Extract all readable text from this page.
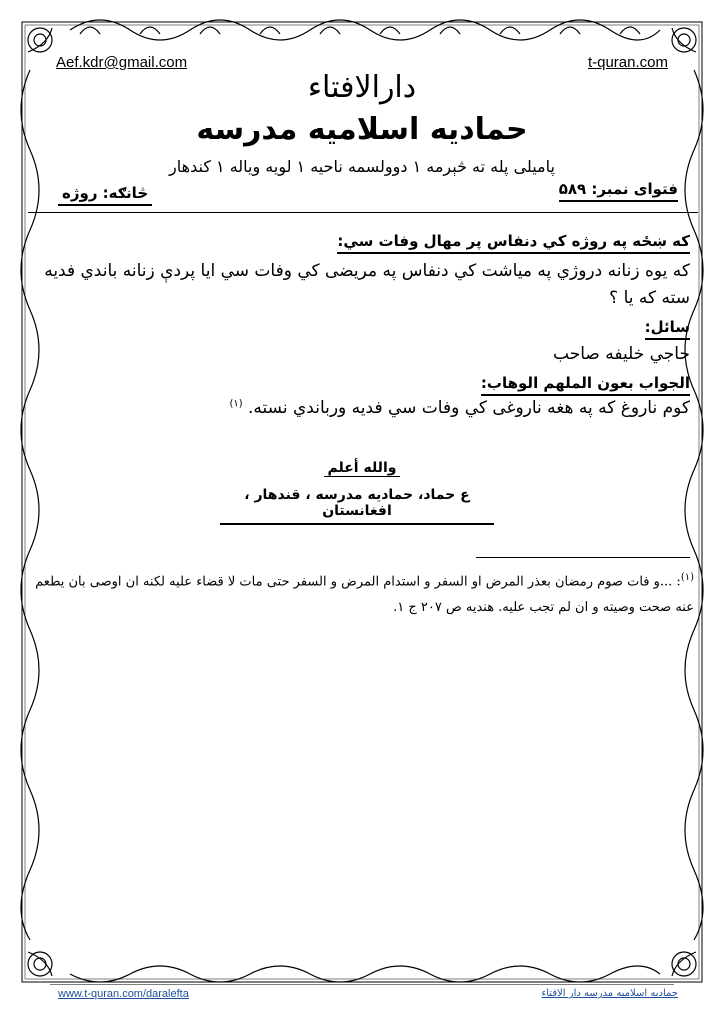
Aef.kdr@gmail.com	t-quran.com
دارالافتاء
حمادیه اسلامیه مدرسه
پامیلی پله ته څېرمه ۱ دوولسمه ناحیه ۱ لویه ویاله ۱ کندهار
فتوای نمبر: ۵۸۹
څانګه: روژه
که ښځه په روژه کي دنفاس پر مهال وفات سي:
که یوه زنانه دروژي په میاشت کي دنفاس په مریضی کي وفات سي ایا پردې زنانه باندي فدیه سته که یا ؟
سائل:
حاجي خلیفه صاحب
الجواب بعون الملهم الوهاب:
کوم ناروغ که په هغه ناروغی کي وفات سي فدیه ورباندي نسته. $^{(۱)}$
والله أعلم
ع حماد، حمادیه مدرسه ، قندهار ، افغانستان
$^{(۱)}$: ...و فات صوم رمضان بعذر المرض او السفر و استدام المرض و السفر حتی مات لا قضاء علیه لکنه ان اوصی بان یطعم عنه صحت وصیته و ان لم تجب علیه. هندیه ص ۲۰۷ ج ۱.
www.t-quran.com/daralefta	حمادیه اسلامیه مدرسه دار الافتاء
